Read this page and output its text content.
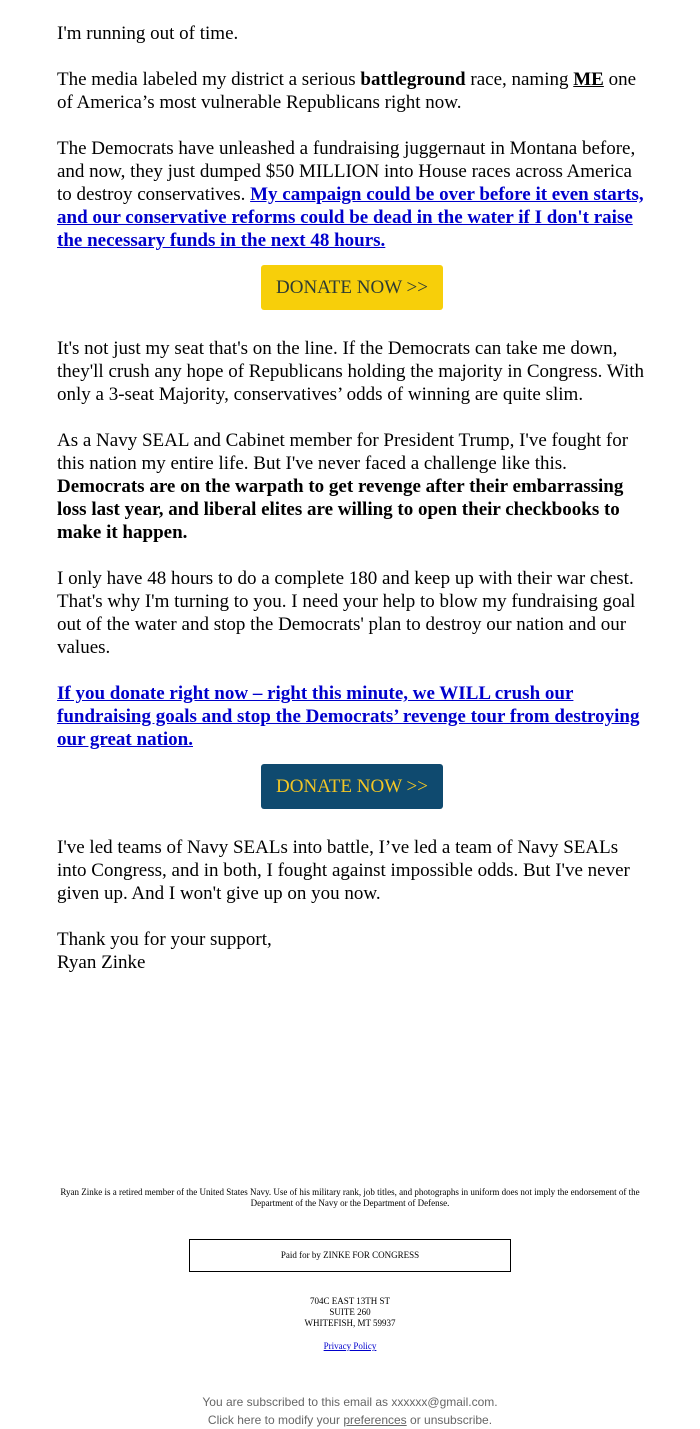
I'm running out of time.

The media labeled my district a serious battleground race, naming ME one of America’s most vulnerable Republicans right now.

The Democrats have unleashed a fundraising juggernaut in Montana before, and now, they just dumped $50 MILLION into House races across America to destroy conservatives. My campaign could be over before it even starts, and our conservative reforms could be dead in the water if I don't raise the necessary funds in the next 48 hours.

DONATE NOW >>

It's not just my seat that's on the line. If the Democrats can take me down, they'll crush any hope of Republicans holding the majority in Congress. With only a 3-seat Majority, conservatives’ odds of winning are quite slim.

As a Navy SEAL and Cabinet member for President Trump, I've fought for this nation my entire life. But I've never faced a challenge like this. Democrats are on the warpath to get revenge after their embarrassing loss last year, and liberal elites are willing to open their checkbooks to make it happen.

I only have 48 hours to do a complete 180 and keep up with their war chest. That's why I'm turning to you. I need your help to blow my fundraising goal out of the water and stop the Democrats' plan to destroy our nation and our values.

If you donate right now – right this minute, we WILL crush our fundraising goals and stop the Democrats’ revenge tour from destroying our great nation.

DONATE NOW >>

I've led teams of Navy SEALs into battle, I’ve led a team of Navy SEALs into Congress, and in both, I fought against impossible odds. But I've never given up. And I won't give up on you now.

Thank you for your support,
Ryan Zinke

Ryan Zinke is a retired member of the United States Navy. Use of his military rank, job titles, and photographs in uniform does not imply the endorsement of the Department of the Navy or the Department of Defense.
Paid for by ZINKE FOR CONGRESS
704C EAST 13TH ST
SUITE 260
WHITEFISH, MT 59937
Privacy Policy
You are subscribed to this email as xxxxxx@gmail.com.
Click here to modify your preferences or unsubscribe.
